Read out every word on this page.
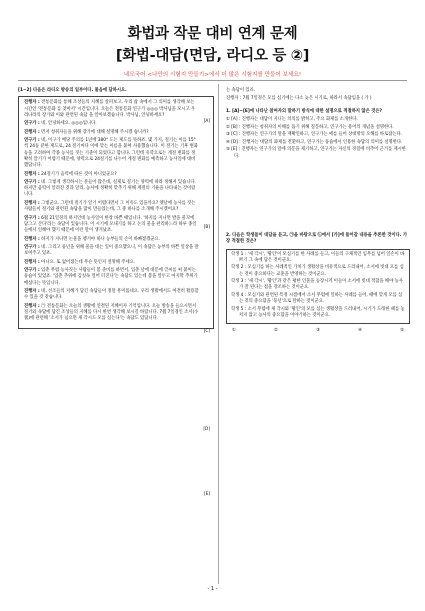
화법과 작문 대비 연계 문제
[화법-대담(면담, 라디오 등 ②]
네모국어 <나만의 시험지 만들기>에서 더 많은 시험지를 만들어 보세요!
[1~2] 다음은 라디오 방송의 일부이다. 물음에 답하시오.
진행자 : 전통문화를 통해 조상들의 지혜를 살펴보고, 우리 삶 속에서 그 의미를 생각해 보는 시간인 '전통문화 를 찾아서' 시간입니다. 오늘은 전통문화 연구가 ◎◎◎ 박사님을 모시고 우리나라의 장가와 이와 관련된 속담 을 알아보겠습니다. 박사님, 안녕하세요?
연구가 : 네, 안녕하세요. ◎◎◎입니다.
진행자 : 먼저 청취자들을 위해 장가에 대해 설명해 주시겠 습니까?
연구가 : 네, 이구가 배당 주의를 1년에 380° 도는 제도를 뜻하죠. 몇 가지, 절기는 이를 15°씩 24등 분한 제도로, 24 절기마다 이에 맞는 이름을 붙여 사용했습니다. 이 절기는 기후 변화 등을 고려하여 각종 농사를 짓는 기준이 되었다고 합니다. 그런데 유학으로는 계절 변화를 정확히 알기가 어렵기 때문에, 양력으로 24절기를 나누어 계절 변화를 예측하고 농사일에 대비했답니다.
진행자 : 24절기가 음력에 따른 것이 아니었군요?
연구가 : 네. 그렇게 생각하시는 분들이 많은데, 실제로 절기는 양력에 따라 정해져 있습니다. 하지만 음력이 알려진 것과 달리, 농사에 정확히 맞추기 위해 계절의 기운을 나타내는 것이랍니다.
진행자 : 그렇군요. 그런데 절기가 알기 어렵다면서 그 이유도 있을까요? 옛날에 농사를 짓는 사람들이 절기와 관련된 속담을 많이 만들었는데, 그 중 하나를 소개해 주시겠어요?
연구가 : 6월 21일경의 하지인데 농사일이 한창 바쁜 때입니다. '하지를 지나면 발을 물꼬에 담그고 산다'라는 속담이 있습니다. 이 시기에 모내기를 하고 논의 물을 관리하느라 하루 종일 들에서 일해야 했기 때문에 이런 말이 생겨났죠.
진행자 : 하지가 지나면 논물을 챙겨야 하니 농부들의 손이 바빠졌겠군요.
연구가 : 네. 그리고 풍년을 위해 물을 대는 일이 중요했으니, 이 속담은 농부의 바쁜 일상을 잘 보여주고 있죠.
진행자 : 아니요. 또 없어졌는데 무슨 뜻인지 설명해 주세요.
연구가 : 입춘 무렵 농사짓는 사람들이 봄 준비를 하면서, 입춘 날에 대문에 글씨를 써 붙이는 풍습이 있었죠. '입춘 추위에 김칫독 얼어 터진다'는 속담도 있는데 봄을 앞두고 마지막 추위가 매섭다는 뜻입니다.
진행자 : 네, 선조들의 지혜가 담긴 속담들이 정말 흥미롭네요. 우리 생활에서도 여전히 활용할 수 있을 것 같습니다.
진행자 : ㉠ 전통문화는 오늘의 생활에 연결된 지혜이자 기억입니다. 오늘 방송을 들으시면서 절기와 속담에 담긴 조상들의 지혜를 다시 한번 생각해 보시길 바랍니다. 7월 7일경인 소서(小暑)에 관련해 '소서가 넘으면 새 각시도 모를 심는다'는 속담도 있답니다.
[A]
[B]
[C]
[D]
[E]
는 속담이 있죠.
진행자 : 7월 7일경은 모를 심기에는 다소 늦은 시기로, 따라서 속담임을 ( 가 )
1. [A]~[E]에 나타난 참여자의 말하기 방식에 대한 설명으로 적절하지 않은 것은?
① [A] : 진행자는 대담이 지니는 의의를 밝히고, 주요 화제를 소개한다.
② [B] : 진행자는 청취자의 이해를 돕기 위해 질문하고, 연구가는 용어의 개념을 설명한다.
③ [C] : 진행자는 연구가의 말을 재확인하고, 연구가는 예를 들어 상대방의 오해를 바로잡는다.
④ [D] : 진행자는 대담의 화제를 전환하고, 연구가는 풍습에서 인용한 속담의 의미를 설명한다.
⑤ [E] : 진행자는 연구가의 말에 의문을 제기하고, 연구가는 자신의 경험에 비추어 근거를 제시한다.
2. 다음은 학생들이 대담을 듣고, ㉠을 바탕으로 ㉡에서 [가]에 들어갈 내용을 추론한 것이다. 가장 적절한 것은?
학생 1 : '새 각시', '황인'이 모심기를 한 사례를 들고, 이들의 구체적인 임무를 넘어 일손이 바쁘기 그 속에 담은 것이군요.
학생 2 : 모심기를 하는 사례적인 가치가 생활상을 비유적으로 드러내어, 소서에 빗대 모를 심는 것이 중요하다는 교훈을 반영하는 것이군요.
학생 3 : '새 각시', '황인'과 같은 평한 인물을 등장시켜 이들이 소서에 빗대 적합을 해야 농사가 잘 된다는 점을 강조하는 것이군요.
학생 4 : 모심기와 관련된 특정 시점에서 소서 무렵에 일하는 사례를 들어, 때에 맞게 모를 심는 것의 중요함을 '풍년'으로 말하는 것이군요.
학생 5 : 소서 무렵에 새 각시와 '황인'의 모를 심는 생활상을 드러내어, 시기가 도래한 때를 놓치지 않고 농사의 중요함을 이야기하는 것이군요.
①	②	③	④	⑤
- 1 -
